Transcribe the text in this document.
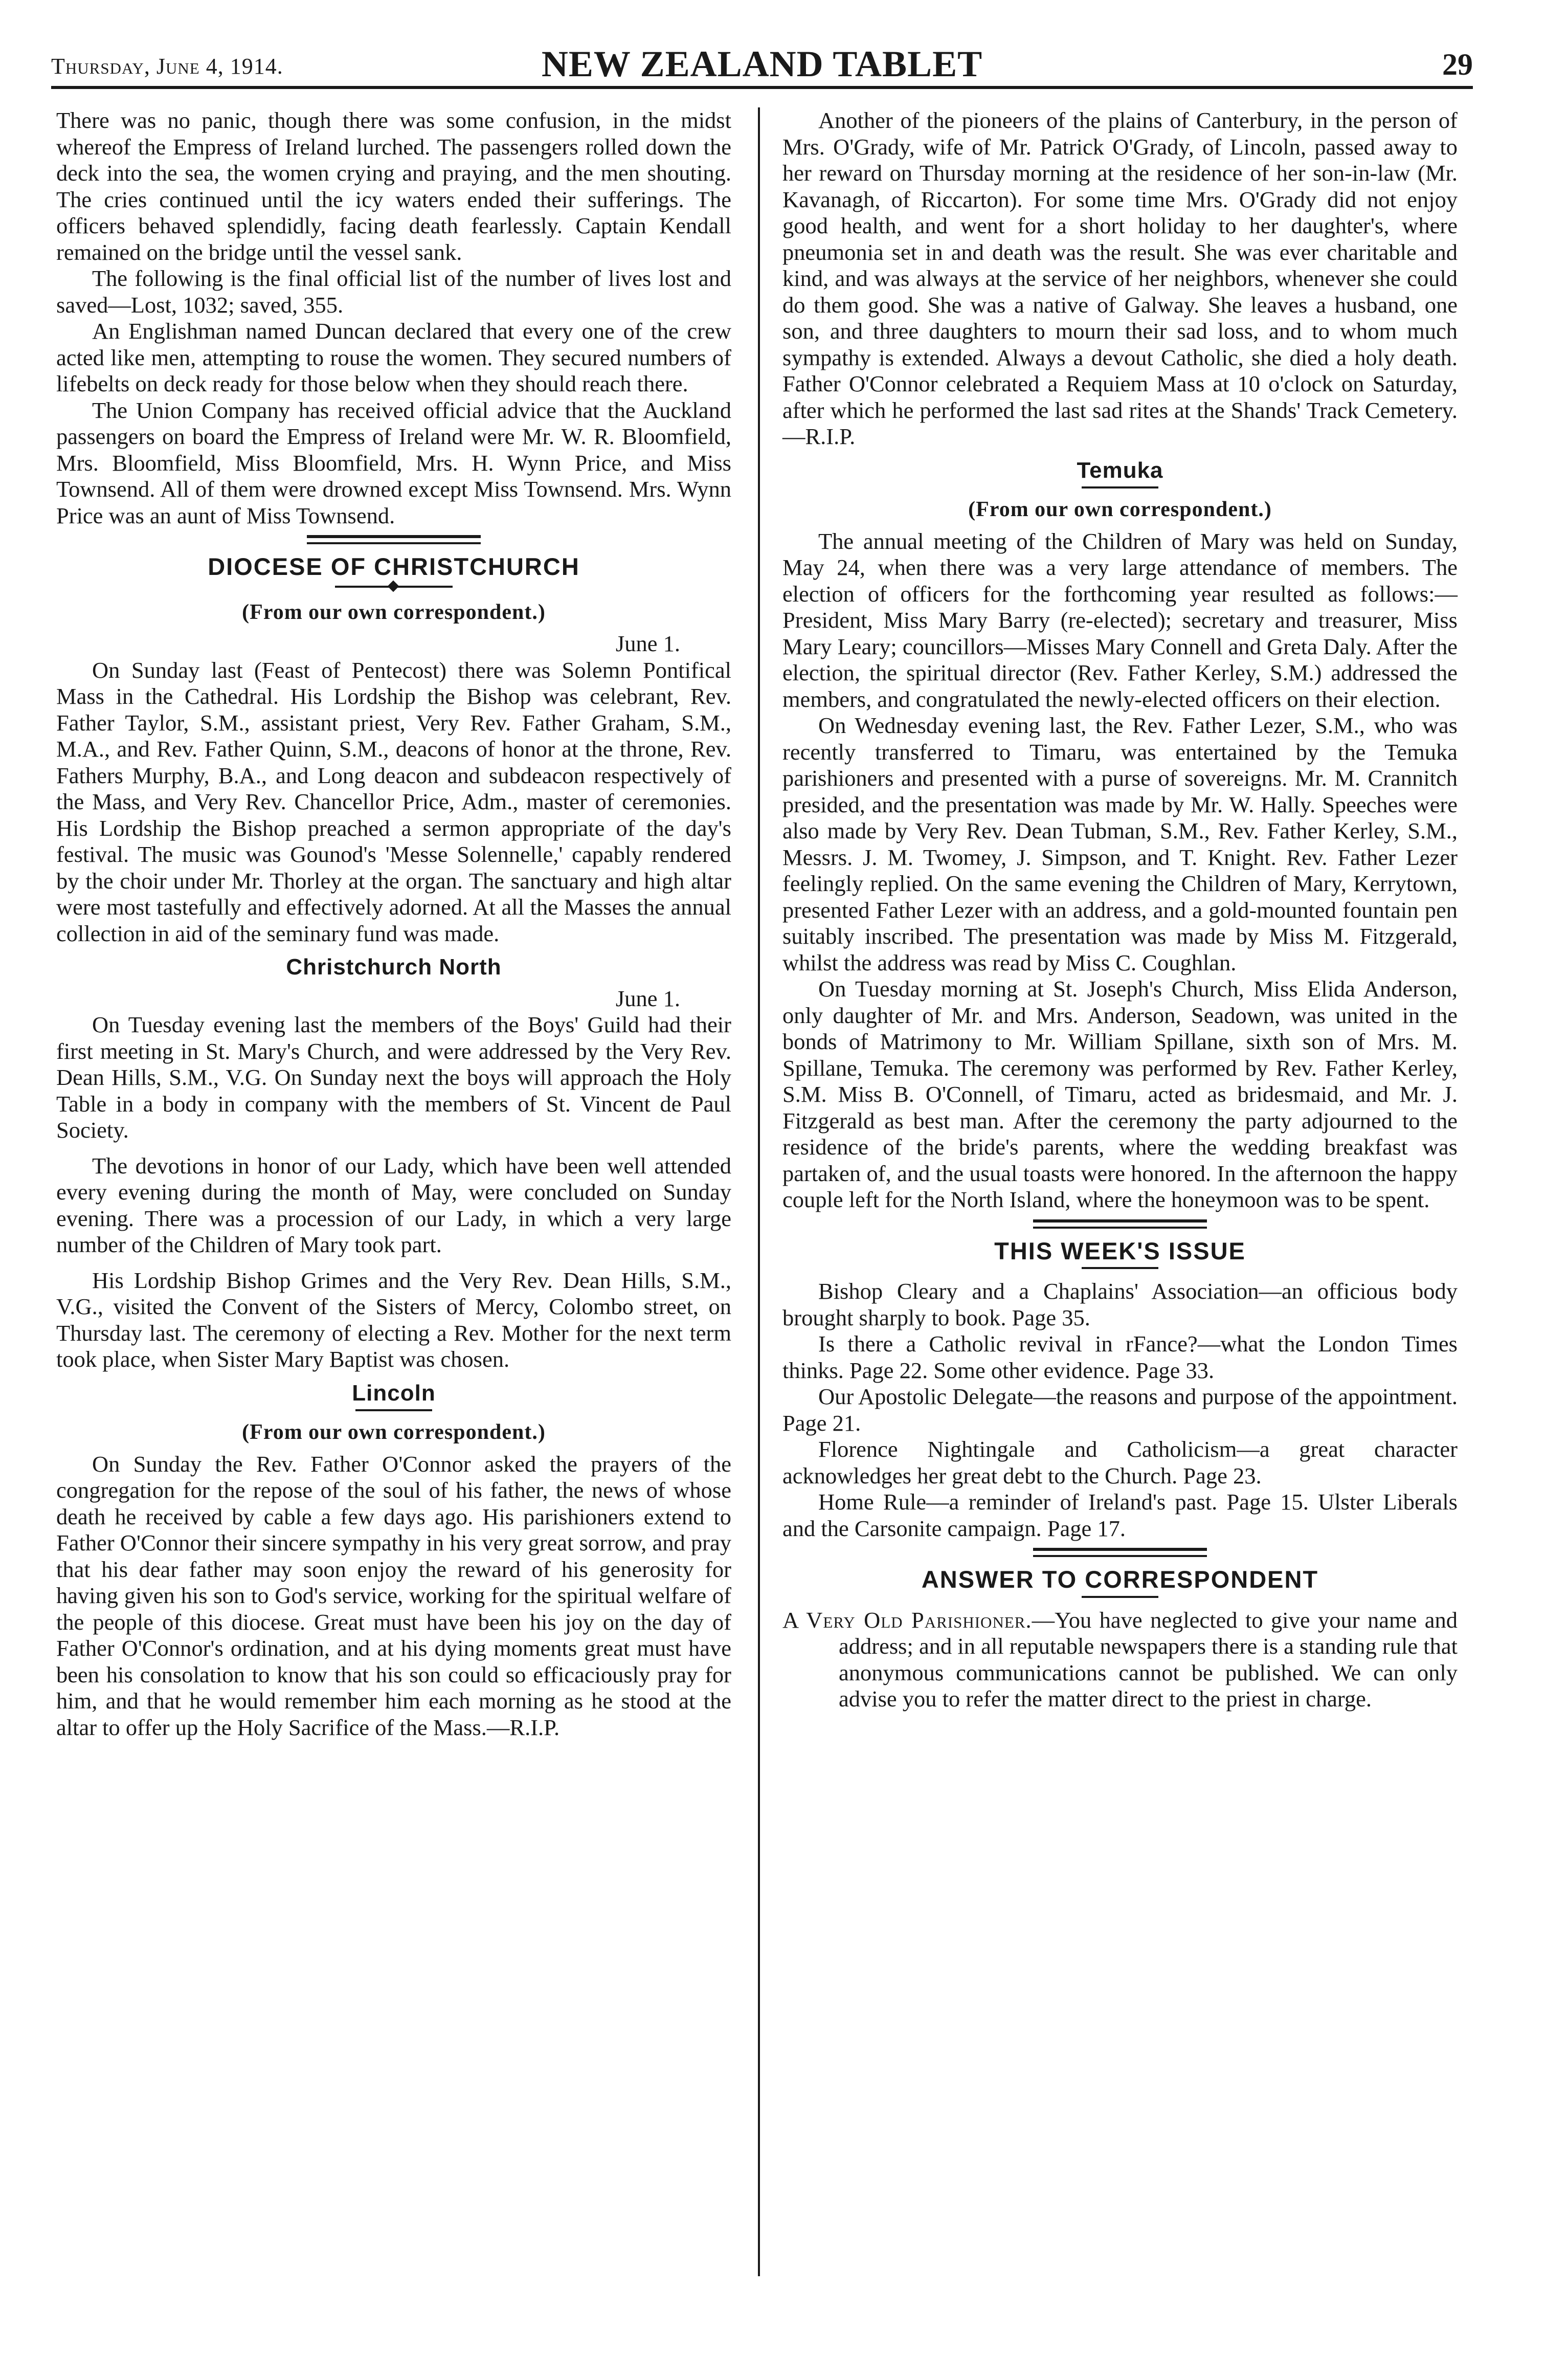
Thursday, June 4, 1914.	NEW ZEALAND TABLET	29

There was no panic, though there was some confusion, in the midst whereof the Empress of Ireland lurched. The passengers rolled down the deck into the sea, the women crying and praying, and the men shouting. The cries continued until the icy waters ended their sufferings. The officers behaved splendidly, facing death fearlessly. Captain Kendall remained on the bridge until the vessel sank.

The following is the final official list of the number of lives lost and saved—Lost, 1032; saved, 355.

An Englishman named Duncan declared that every one of the crew acted like men, attempting to rouse the women. They secured numbers of lifebelts on deck ready for those below when they should reach there.

The Union Company has received official advice that the Auckland passengers on board the Empress of Ireland were Mr. W. R. Bloomfield, Mrs. Bloomfield, Miss Bloomfield, Mrs. H. Wynn Price, and Miss Townsend. All of them were drowned except Miss Townsend. Mrs. Wynn Price was an aunt of Miss Townsend.

DIOCESE OF CHRISTCHURCH
(From our own correspondent.)
June 1.

On Sunday last (Feast of Pentecost) there was Solemn Pontifical Mass in the Cathedral. His Lordship the Bishop was celebrant, Rev. Father Taylor, S.M., assistant priest, Very Rev. Father Graham, S.M., M.A., and Rev. Father Quinn, S.M., deacons of honor at the throne, Rev. Fathers Murphy, B.A., and Long deacon and subdeacon respectively of the Mass, and Very Rev. Chancellor Price, Adm., master of ceremonies. His Lordship the Bishop preached a sermon appropriate of the day's festival. The music was Gounod's 'Messe Solennelle,' capably rendered by the choir under Mr. Thorley at the organ. The sanctuary and high altar were most tastefully and effectively adorned. At all the Masses the annual collection in aid of the seminary fund was made.

Christchurch North
June 1.

On Tuesday evening last the members of the Boys' Guild had their first meeting in St. Mary's Church, and were addressed by the Very Rev. Dean Hills, S.M., V.G. On Sunday next the boys will approach the Holy Table in a body in company with the members of St. Vincent de Paul Society.

The devotions in honor of our Lady, which have been well attended every evening during the month of May, were concluded on Sunday evening. There was a procession of our Lady, in which a very large number of the Children of Mary took part.

His Lordship Bishop Grimes and the Very Rev. Dean Hills, S.M., V.G., visited the Convent of the Sisters of Mercy, Colombo street, on Thursday last. The ceremony of electing a Rev. Mother for the next term took place, when Sister Mary Baptist was chosen.

Lincoln
(From our own correspondent.)

On Sunday the Rev. Father O'Connor asked the prayers of the congregation for the repose of the soul of his father, the news of whose death he received by cable a few days ago. His parishioners extend to Father O'Connor their sincere sympathy in his very great sorrow, and pray that his dear father may soon enjoy the reward of his generosity for having given his son to God's service, working for the spiritual welfare of the people of this diocese. Great must have been his joy on the day of Father O'Connor's ordination, and at his dying moments great must have been his consolation to know that his son could so efficaciously pray for him, and that he would remember him each morning as he stood at the altar to offer up the Holy Sacrifice of the Mass.—R.I.P.

Another of the pioneers of the plains of Canterbury, in the person of Mrs. O'Grady, wife of Mr. Patrick O'Grady, of Lincoln, passed away to her reward on Thursday morning at the residence of her son-in-law (Mr. Kavanagh, of Riccarton). For some time Mrs. O'Grady did not enjoy good health, and went for a short holiday to her daughter's, where pneumonia set in and death was the result. She was ever charitable and kind, and was always at the service of her neighbors, whenever she could do them good. She was a native of Galway. She leaves a husband, one son, and three daughters to mourn their sad loss, and to whom much sympathy is extended. Always a devout Catholic, she died a holy death. Father O'Connor celebrated a Requiem Mass at 10 o'clock on Saturday, after which he performed the last sad rites at the Shands' Track Cemetery.—R.I.P.

Temuka
(From our own correspondent.)

The annual meeting of the Children of Mary was held on Sunday, May 24, when there was a very large attendance of members. The election of officers for the forthcoming year resulted as follows:—President, Miss Mary Barry (re-elected); secretary and treasurer, Miss Mary Leary; councillors—Misses Mary Connell and Greta Daly. After the election, the spiritual director (Rev. Father Kerley, S.M.) addressed the members, and congratulated the newly-elected officers on their election.

On Wednesday evening last, the Rev. Father Lezer, S.M., who was recently transferred to Timaru, was entertained by the Temuka parishioners and presented with a purse of sovereigns. Mr. M. Crannitch presided, and the presentation was made by Mr. W. Hally. Speeches were also made by Very Rev. Dean Tubman, S.M., Rev. Father Kerley, S.M., Messrs. J. M. Twomey, J. Simpson, and T. Knight. Rev. Father Lezer feelingly replied. On the same evening the Children of Mary, Kerrytown, presented Father Lezer with an address, and a gold-mounted fountain pen suitably inscribed. The presentation was made by Miss M. Fitzgerald, whilst the address was read by Miss C. Coughlan.

On Tuesday morning at St. Joseph's Church, Miss Elida Anderson, only daughter of Mr. and Mrs. Anderson, Seadown, was united in the bonds of Matrimony to Mr. William Spillane, sixth son of Mrs. M. Spillane, Temuka. The ceremony was performed by Rev. Father Kerley, S.M. Miss B. O'Connell, of Timaru, acted as bridesmaid, and Mr. J. Fitzgerald as best man. After the ceremony the party adjourned to the residence of the bride's parents, where the wedding breakfast was partaken of, and the usual toasts were honored. In the afternoon the happy couple left for the North Island, where the honeymoon was to be spent.

THIS WEEK'S ISSUE

Bishop Cleary and a Chaplains' Association—an officious body brought sharply to book. Page 35.

Is there a Catholic revival in rFance?—what the London Times thinks. Page 22. Some other evidence. Page 33.

Our Apostolic Delegate—the reasons and purpose of the appointment. Page 21.

Florence Nightingale and Catholicism—a great character acknowledges her great debt to the Church. Page 23.

Home Rule—a reminder of Ireland's past. Page 15. Ulster Liberals and the Carsonite campaign. Page 17.

ANSWER TO CORRESPONDENT

A Very Old Parishioner.—You have neglected to give your name and address; and in all reputable newspapers there is a standing rule that anonymous communications cannot be published. We can only advise you to refer the matter direct to the priest in charge.
